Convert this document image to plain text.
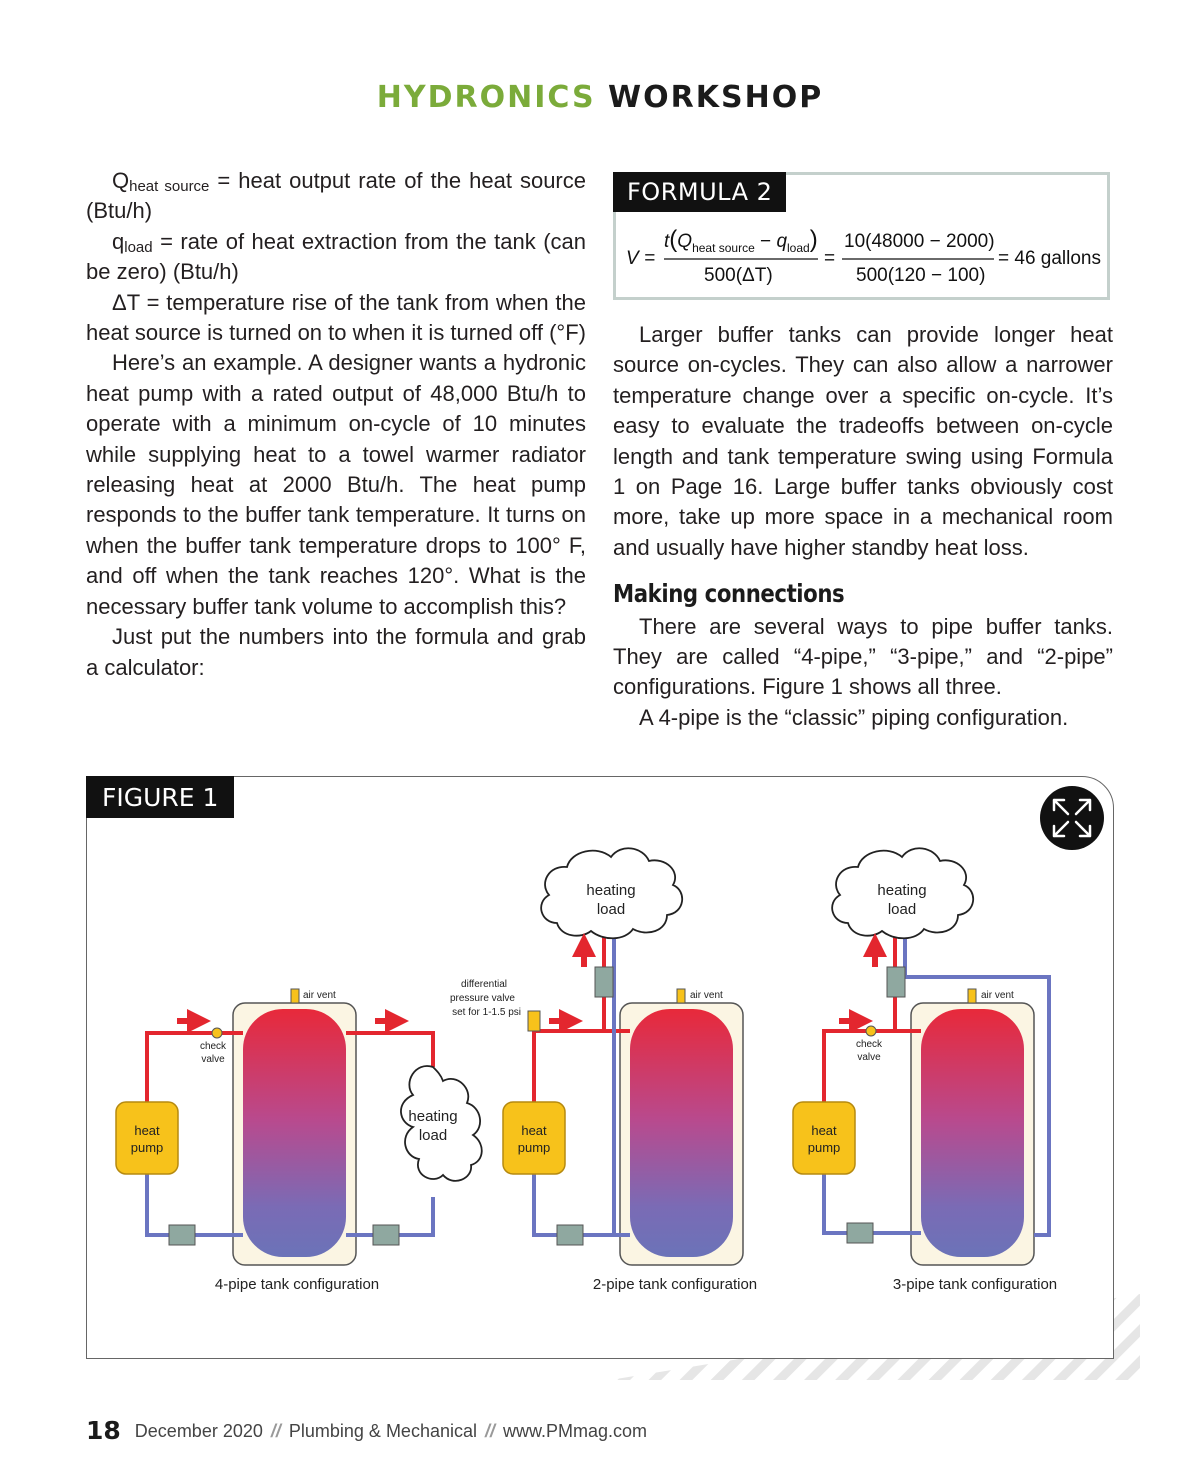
HYDRONICS WORKSHOP

$Q_{heat source}$ = heat output rate of the heat source (Btu/h)

$q_{load}$ = rate of heat extraction from the tank (can be zero) (Btu/h)

ΔT = temperature rise of the tank from when the heat source is turned on to when it is turned off (°F)

Here’s an example. A designer wants a hydronic heat pump with a rated output of 48,000 Btu/h to operate with a minimum on-cycle of 10 minutes while supplying heat to a towel warmer radiator releasing heat at 2000 Btu/h. The heat pump responds to the buffer tank temperature. It turns on when the buffer tank temperature drops to 100° F, and off when the tank reaches 120°. What is the necessary buffer tank volume to accomplish this?

Just put the numbers into the formula and grab a calculator:

V =
$t(Q_{heat source} - q_{load})$
500(ΔT)
=
10(48000 − 2000)
500(120 − 100)
= 46 gallons
FORMULA 2

Larger buffer tanks can provide longer heat source on-cycles. They can also allow a narrower temperature change over a specific on-cycle. It’s easy to evaluate the tradeoffs between on-cycle length and tank temperature swing using Formula 1 on Page 16. Large buffer tanks obviously cost more, take up more space in a mechanical room and usually have higher standby heat loss.

Making connections

There are several ways to pipe buffer tanks. They are called “4-pipe,” “3-pipe,” and “2-pipe” configurations. Figure 1 shows all three.

A 4-pipe is the “classic” piping configuration.

heat
pump
heating
load
air vent
check
valve
4-pipe tank configuration
heat
pump
heating
load
air vent
differential
pressure valve
set for 1-1.5 psi
2-pipe tank configuration
heat
pump
heating
load
air vent
check
valve
3-pipe tank configuration
FIGURE 1
18 December 2020 // Plumbing & Mechanical // www.PMmag.com
